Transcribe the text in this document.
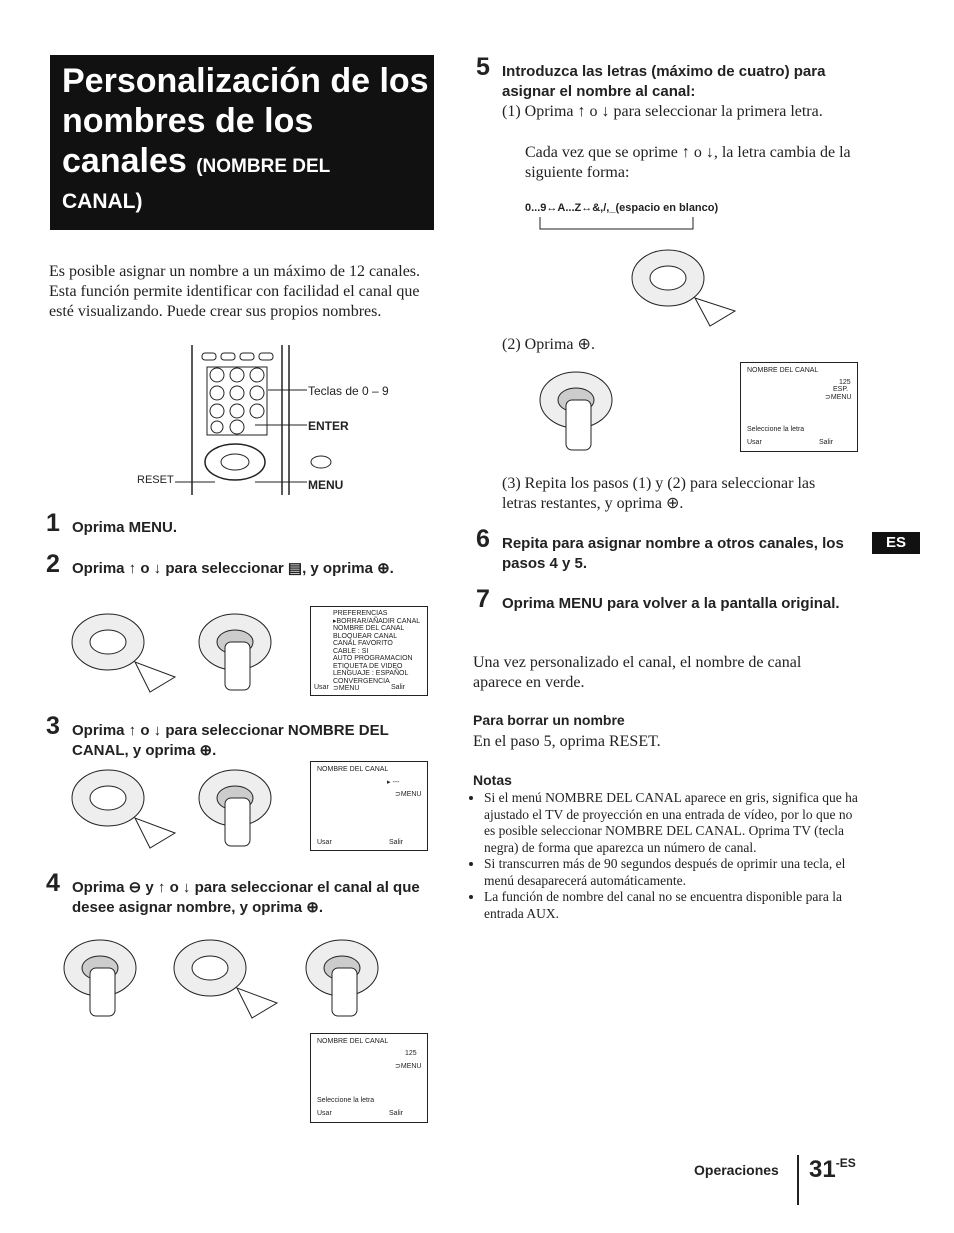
Personalización de los nombres de los canales (NOMBRE DEL
CANAL)
Es posible asignar un nombre a un máximo de 12 canales. Esta función permite identificar con facilidad el canal que esté visualizando. Puede crear sus propios nombres.
Teclas de 0 – 9
ENTER
MENU
RESET
1 Oprima MENU.
2 Oprima ↑ o ↓ para seleccionar ▤, y oprima ⊕.
PREFERENCIAS
▸BORRAR/AÑADIR CANAL
NOMBRE DEL CANAL
BLOQUEAR CANAL
CANAL FAVORITO
CABLE : SI
AUTO PROGRAMACION
ETIQUETA DE VIDEO
LENGUAJE : ESPAÑOL
CONVERGENCIA
⊃MENU
Usar	Salir
3 Oprima ↑ o ↓ para seleccionar NOMBRE DEL CANAL, y oprima ⊕.
NOMBRE DEL CANAL
▸ ---
⊃MENU
Usar	Salir
4 Oprima ⊖ y ↑ o ↓ para seleccionar el canal al que desee asignar nombre, y oprima ⊕.
NOMBRE DEL CANAL
125
⊃MENU
Seleccione la letra
Usar	Salir
5 Introduzca las letras (máximo de cuatro) para asignar el nombre al canal:
(1) Oprima ↑ o ↓ para seleccionar la primera letra.
Cada vez que se oprime ↑ o ↓, la letra cambia de la siguiente forma:
0...9↔A...Z↔&,/,_(espacio en blanco)
(2) Oprima ⊕.
NOMBRE DEL CANAL
125
ESP.
⊃MENU
Seleccione la letra
Usar	Salir
(3) Repita los pasos (1) y (2) para seleccionar las letras restantes, y oprima ⊕.
6 Repita para asignar nombre a otros canales, los pasos 4 y 5.
ES
7 Oprima MENU para volver a la pantalla original.
Una vez personalizado el canal, el nombre de canal aparece en verde.
Para borrar un nombre
En el paso 5, oprima RESET.
Notas
• Si el menú NOMBRE DEL CANAL aparece en gris, significa que ha ajustado el TV de proyección en una entrada de vídeo, por lo que no es posible seleccionar NOMBRE DEL CANAL. Oprima TV (tecla negra) de forma que aparezca un número de canal.
• Si transcurren más de 90 segundos después de oprimir una tecla, el menú desaparecerá automáticamente.
• La función de nombre del canal no se encuentra disponible para la entrada AUX.
Operaciones $31^{-ES}$
